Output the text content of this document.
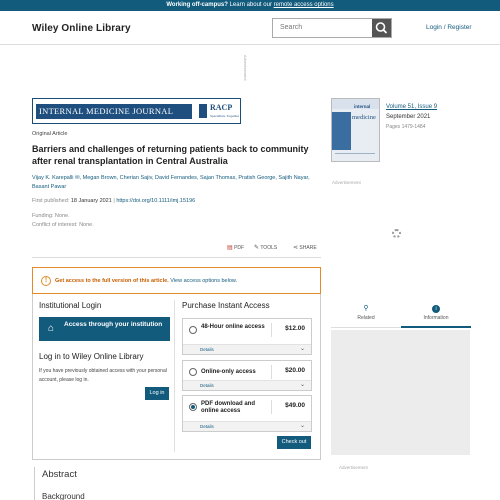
Working off-campus? Learn about our remote access options
Wiley Online Library	Search	Login / Register
Advertisement
INTERNAL MEDICINE JOURNAL	RACP
Specialists. Together
Original Article
Barriers and challenges of returning patients back to community after renal transplantation in Central Australia
Vijay K. Karepalli ✉, Megan Brown, Cherian Sajiv, David Fernandes, Sajan Thomas, Pratish George, Sajith Nayar, Basant Pawar
First published: 18 January 2021 | https://doi.org/10.1111/imj.15196
Funding: None.
Conflict of interest: None.
▤ PDF ✎ TOOLS	⋖ SHARE
!	Get access to the full version of this article. View access options below.
Institutional Login
⌂	Access through your institution
Log in to Wiley Online Library
If you have previously obtained access with your personal account, please log in.
Log in
Purchase Instant Access
48-Hour online access	$12.00
Details	⌄
Online-only access	$20.00
Details	⌄
PDF download and online access
$49.00
Details	⌄
Check out
Abstract
Background
internal
medicine
Volume 51, Issue 9
September 2021
Pages 1479-1484
Advertisement
⚲
Related
i
Information
Advertisement
